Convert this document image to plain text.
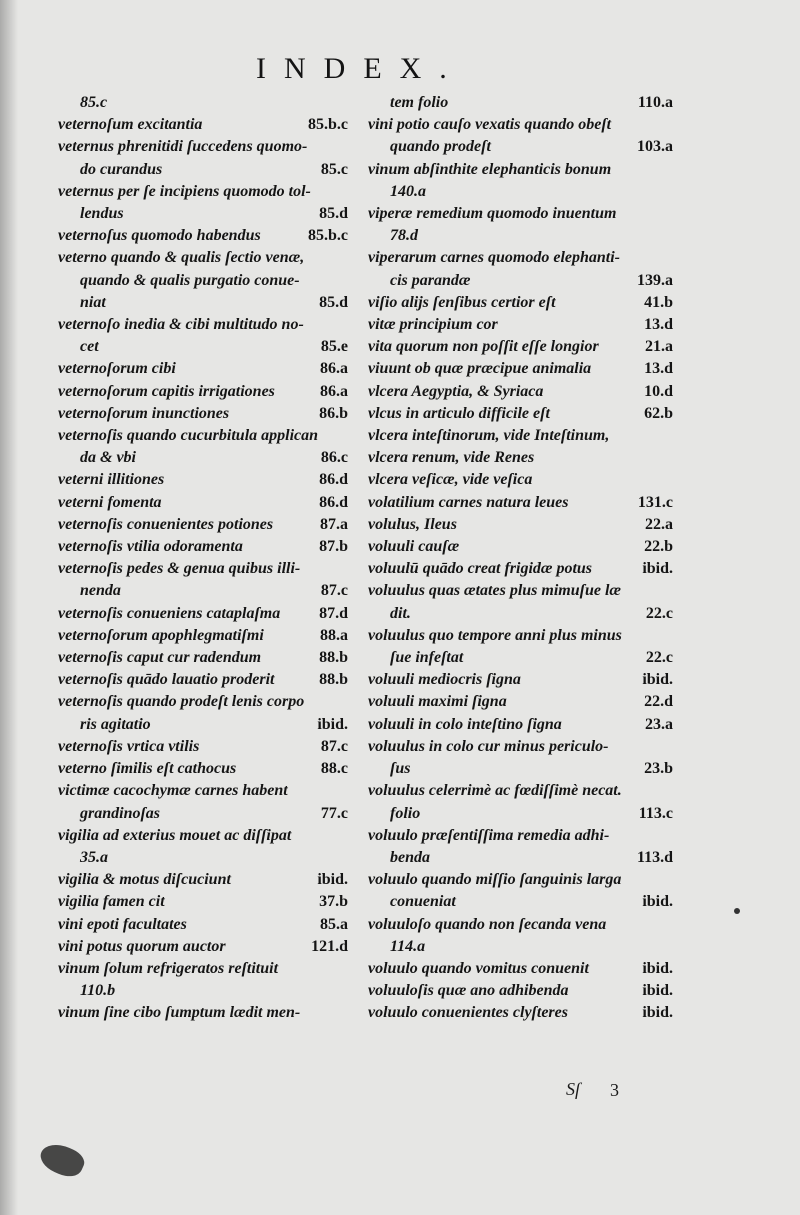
INDEX.
85.c
veternoſum excitantia	85.b.c
veternus phrenitidi ſuccedens quomo-
do curandus	85.c
veternus per ſe incipiens quomodo tol-
lendus	85.d
veternoſus quomodo habendus	85.b.c
veterno quando & qualis ſectio venæ,
quando & qualis purgatio conue-
niat	85.d
veternoſo inedia & cibi multitudo no-
cet	85.e
veternoſorum cibi	86.a
veternoſorum capitis irrigationes	86.a
veternoſorum inunctiones	86.b
veternoſis quando cucurbitula applican
da & vbi	86.c
veterni illitiones	86.d
veterni fomenta	86.d
veternoſis conuenientes potiones	87.a
veternoſis vtilia odoramenta	87.b
veternoſis pedes & genua quibus illi-
nenda	87.c
veternoſis conueniens cataplaſma	87.d
veternoſorum apophlegmatiſmi	88.a
veternoſis caput cur radendum	88.b
veternoſis quādo lauatio proderit	88.b
veternoſis quando prodeſt lenis corpo
ris agitatio	ibid.
veternoſis vrtica vtilis	87.c
veterno ſimilis eſt cathocus	88.c
victimæ cacochymæ carnes habent
grandinoſas	77.c
vigilia ad exterius mouet ac diſſipat
35.a
vigilia & motus diſcuciunt	ibid.
vigilia famen cit	37.b
vini epoti facultates	85.a
vini potus quorum auctor	121.d
vinum ſolum refrigeratos reſtituit
110.b
vinum ſine cibo ſumptum lædit men-
tem folio	110.a
vini potio cauſo vexatis quando obeſt
quando prodeſt	103.a
vinum abſinthite elephanticis bonum
140.a
viperæ remedium quomodo inuentum
78.d
viperarum carnes quomodo elephanti-
cis parandæ	139.a
viſio alijs ſenſibus certior eſt	41.b
vitæ principium cor	13.d
vita quorum non poſſit eſſe longior	21.a
viuunt ob quæ præcipue animalia	13.d
vlcera Aegyptia, & Syriaca	10.d
vlcus in articulo difficile eſt	62.b
vlcera inteſtinorum, vide Inteſtinum,
vlcera renum, vide Renes
vlcera veſicæ, vide veſica
volatilium carnes natura leues	131.c
volulus, Ileus	22.a
voluuli cauſæ	22.b
voluulū quādo creat frigidæ potus	ibid.
voluulus quas ætates plus mimuſue læ
dit.	22.c
voluulus quo tempore anni plus minus
ſue infeſtat	22.c
voluuli mediocris ſigna	ibid.
voluuli maximi ſigna	22.d
voluuli in colo inteſtino ſigna	23.a
voluulus in colo cur minus periculo-
ſus	23.b
voluulus celerrimè ac fœdiſſimè necat.
folio	113.c
voluulo præſentiſſima remedia adhi-
benda	113.d
voluulo quando miſſio ſanguinis larga
conueniat	ibid.
voluuloſo quando non ſecanda vena
114.a
voluulo quando vomitus conuenit	ibid.
voluuloſis quæ ano adhibenda	ibid.
voluulo conuenientes clyſteres	ibid.
Sſ 3
